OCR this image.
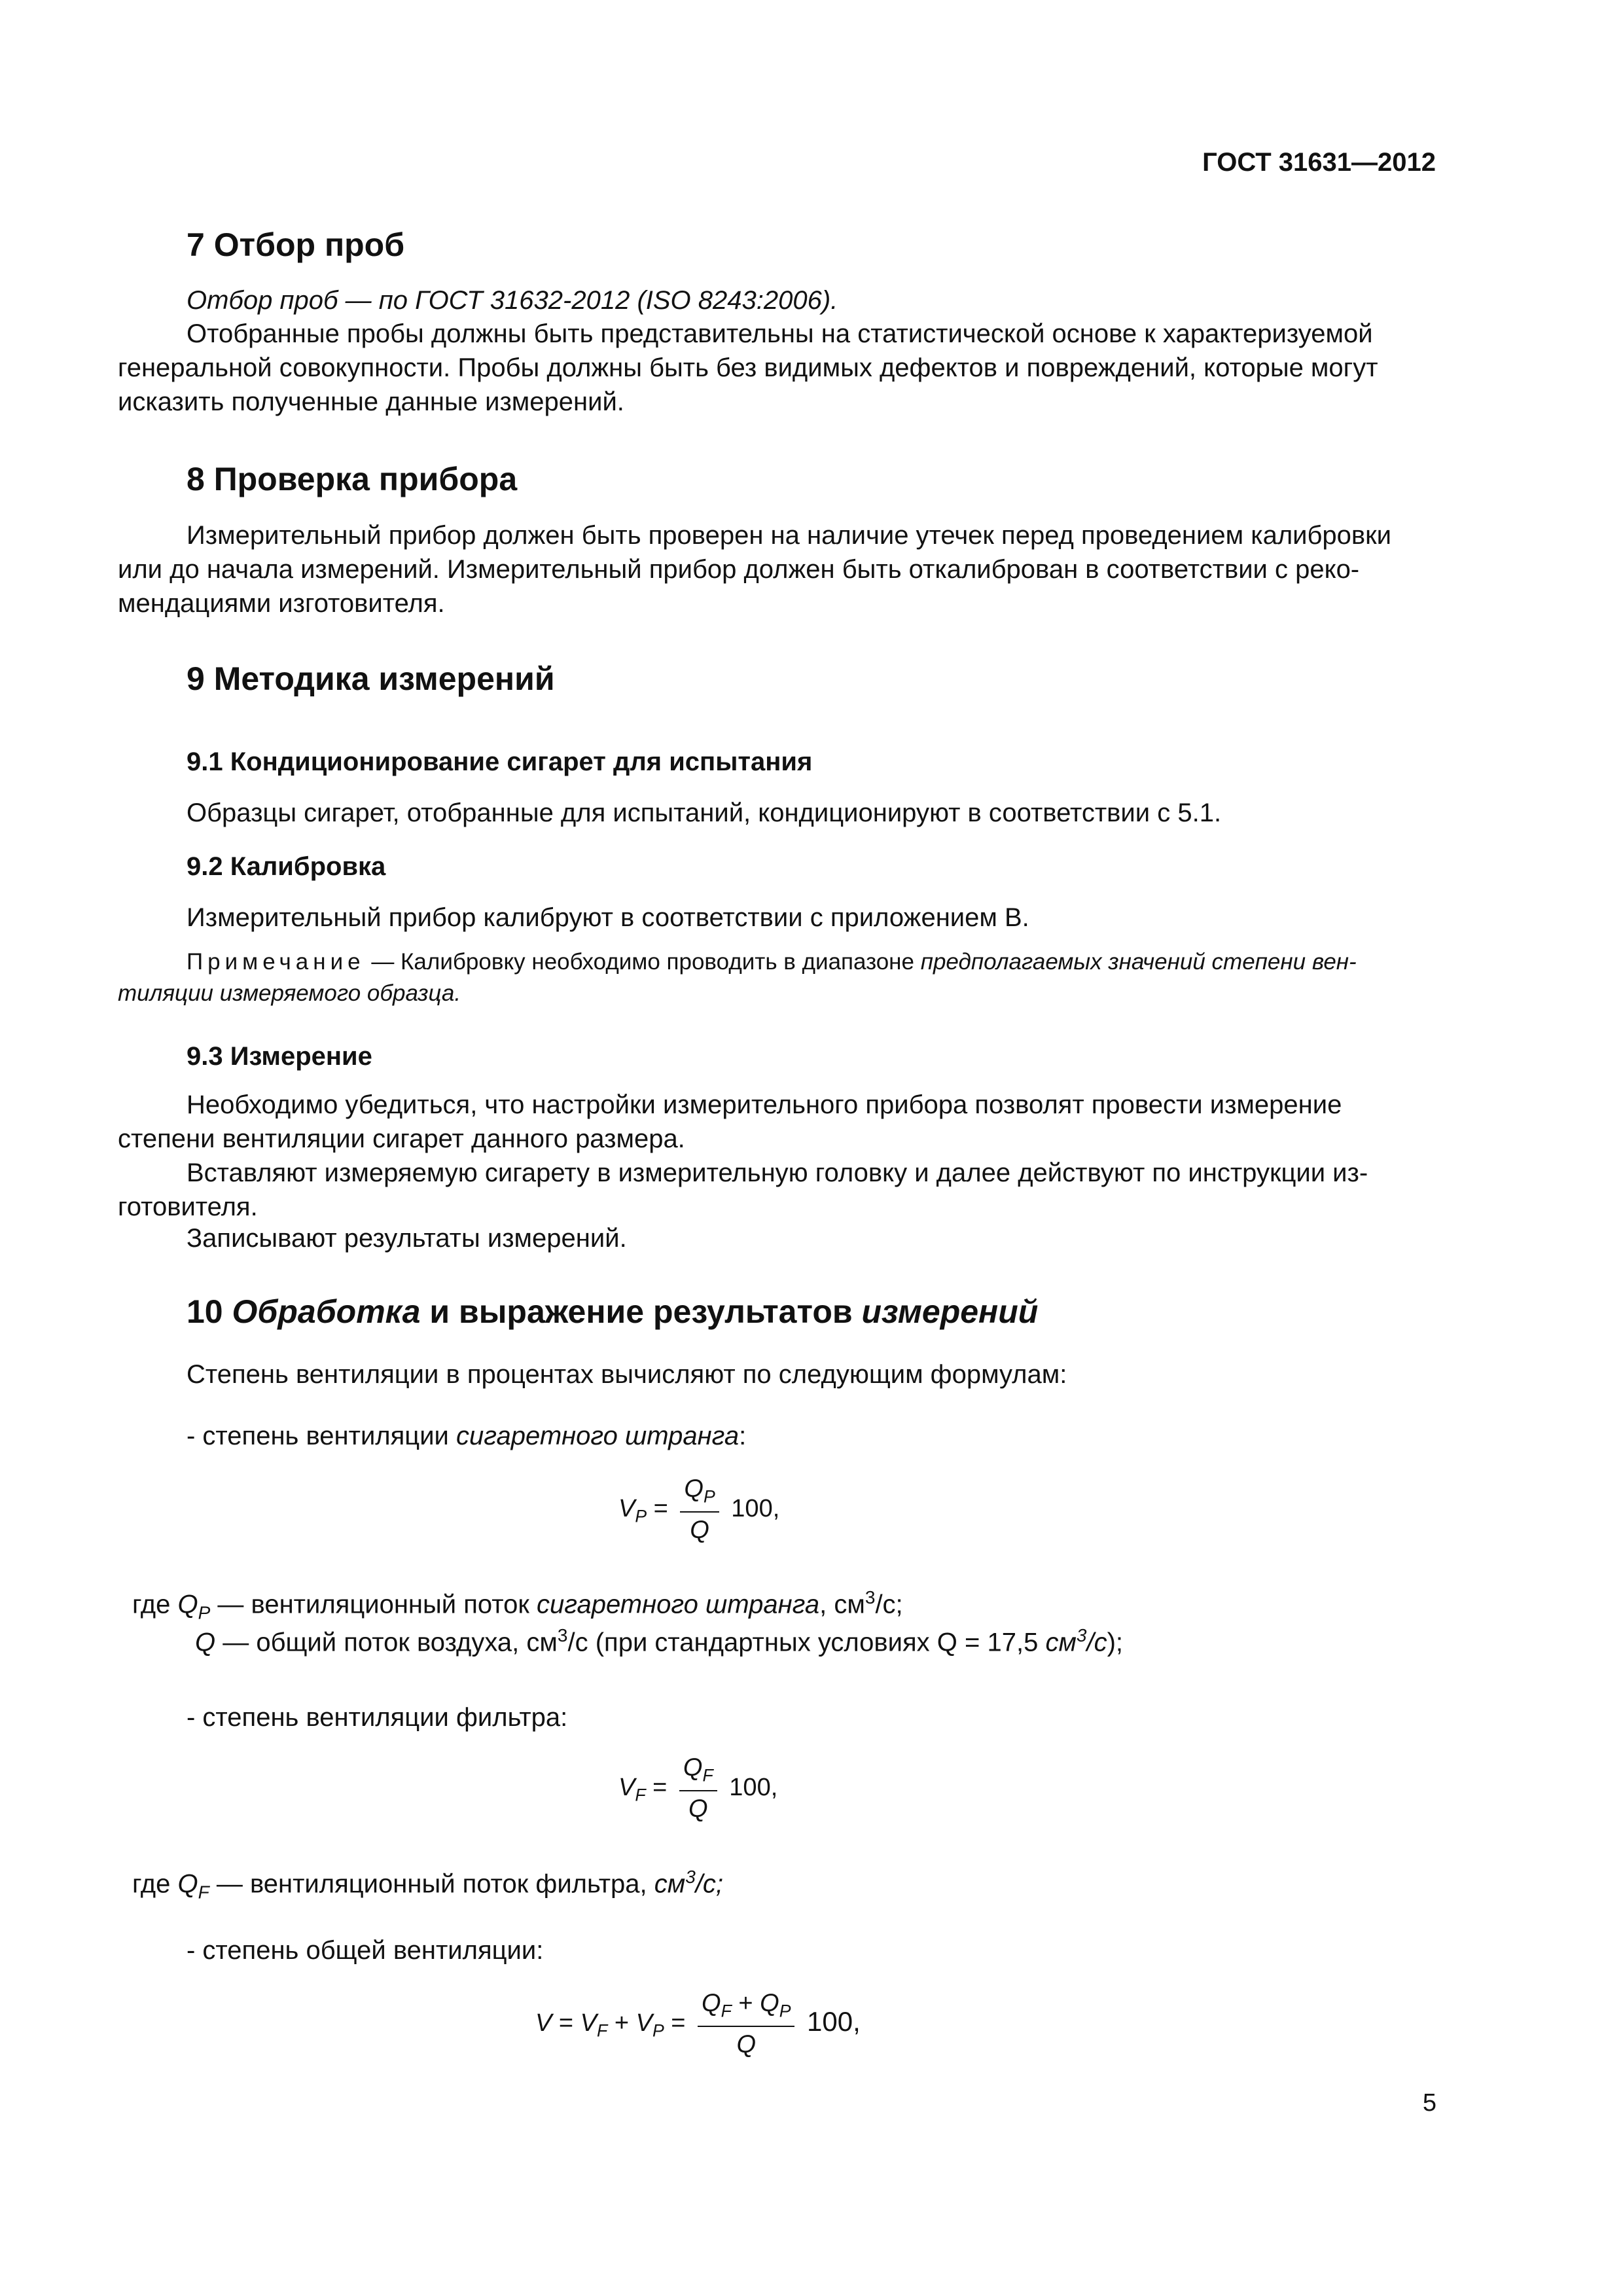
ГОСТ 31631—2012
7 Отбор проб
Отбор проб — по ГОСТ 31632-2012 (ISO 8243:2006).
Отобранные пробы должны быть представительны на статистической основе к характеризуемой
генеральной совокупности. Пробы должны быть без видимых дефектов и повреждений, которые могут
исказить полученные данные измерений.
8 Проверка прибора
Измерительный прибор должен быть проверен на наличие утечек перед проведением калибровки
или до начала измерений. Измерительный прибор должен быть откалиброван в соответствии с реко-
мендациями изготовителя.
9 Методика измерений
9.1 Кондиционирование сигарет для испытания
Образцы сигарет, отобранные для испытаний, кондиционируют в соответствии с 5.1.
9.2 Калибровка
Измерительный прибор калибруют в соответствии с приложением В.
Примечание — Калибровку необходимо проводить в диапазоне предполагаемых значений степени вен-
тиляции измеряемого образца.
9.3 Измерение
Необходимо убедиться, что настройки измерительного прибора позволят провести измерение
степени вентиляции сигарет данного размера.
Вставляют измеряемую сигарету в измерительную головку и далее действуют по инструкции из-
готовителя.
Записывают результаты измерений.
10 Обработка и выражение результатов измерений
Степень вентиляции в процентах вычисляют по следующим формулам:
- степень вентиляции сигаретного штранга:
$V_P = \frac{Q_P}{Q} 100$,
где $Q_P$ — вентиляционный поток сигаретного штранга, $см^3/с$;
Q — общий поток воздуха, $см^3/с$ (при стандартных условиях Q = 17,5 $см^3/с$);
- степень вентиляции фильтра:
$V_F = \frac{Q_F}{Q} 100$,
где $Q_F$ — вентиляционный поток фильтра, $см^3/с$;
- степень общей вентиляции:
$V = V_F + V_P = \frac{Q_F + Q_P}{Q} 100$,
5
